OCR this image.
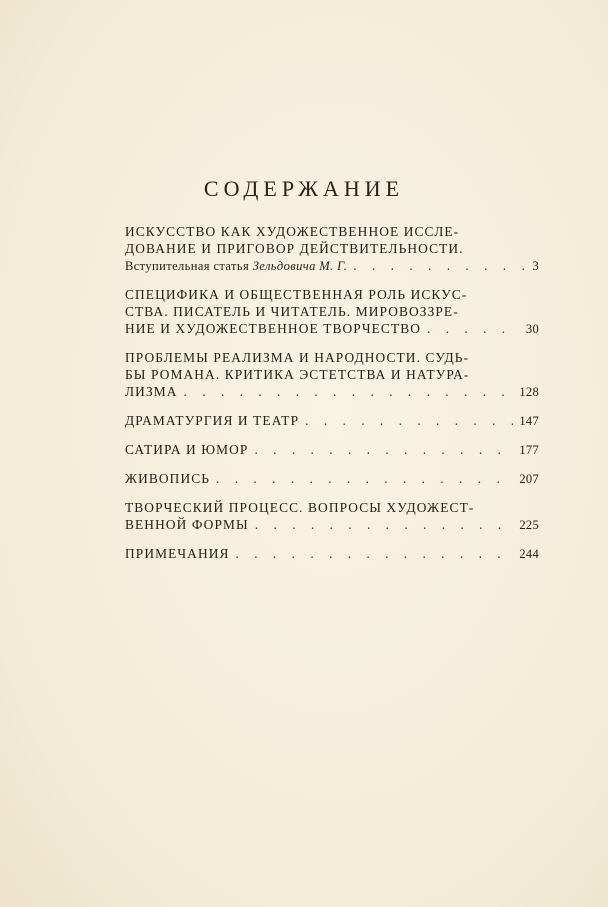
СОДЕРЖАНИЕ
ИСКУССТВО КАК ХУДОЖЕСТВЕННОЕ ИССЛЕ-
ДОВАНИЕ И ПРИГОВОР ДЕЙСТВИТЕЛЬНОСТИ.
Вступительная статья Зельдовича М. Г. . . .	3
СПЕЦИФИКА И ОБЩЕСТВЕННАЯ РОЛЬ ИСКУС-
СТВА. ПИСАТЕЛЬ И ЧИТАТЕЛЬ. МИРОВОЗЗРЕ-
НИЕ И ХУДОЖЕСТВЕННОЕ ТВОРЧЕСТВО . . .	30
ПРОБЛЕМЫ РЕАЛИЗМА И НАРОДНОСТИ. СУДЬ-
БЫ РОМАНА. КРИТИКА ЭСТЕТСТВА И НАТУРА-
ЛИЗМА . . .	128
ДРАМАТУРГИЯ И ТЕАТР . . .	147
САТИРА И ЮМОР . . .	177
ЖИВОПИСЬ . . .	207
ТВОРЧЕСКИЙ ПРОЦЕСС. ВОПРОСЫ ХУДОЖЕСТ-
ВЕННОЙ ФОРМЫ . . .	225
ПРИМЕЧАНИЯ . . .	244
